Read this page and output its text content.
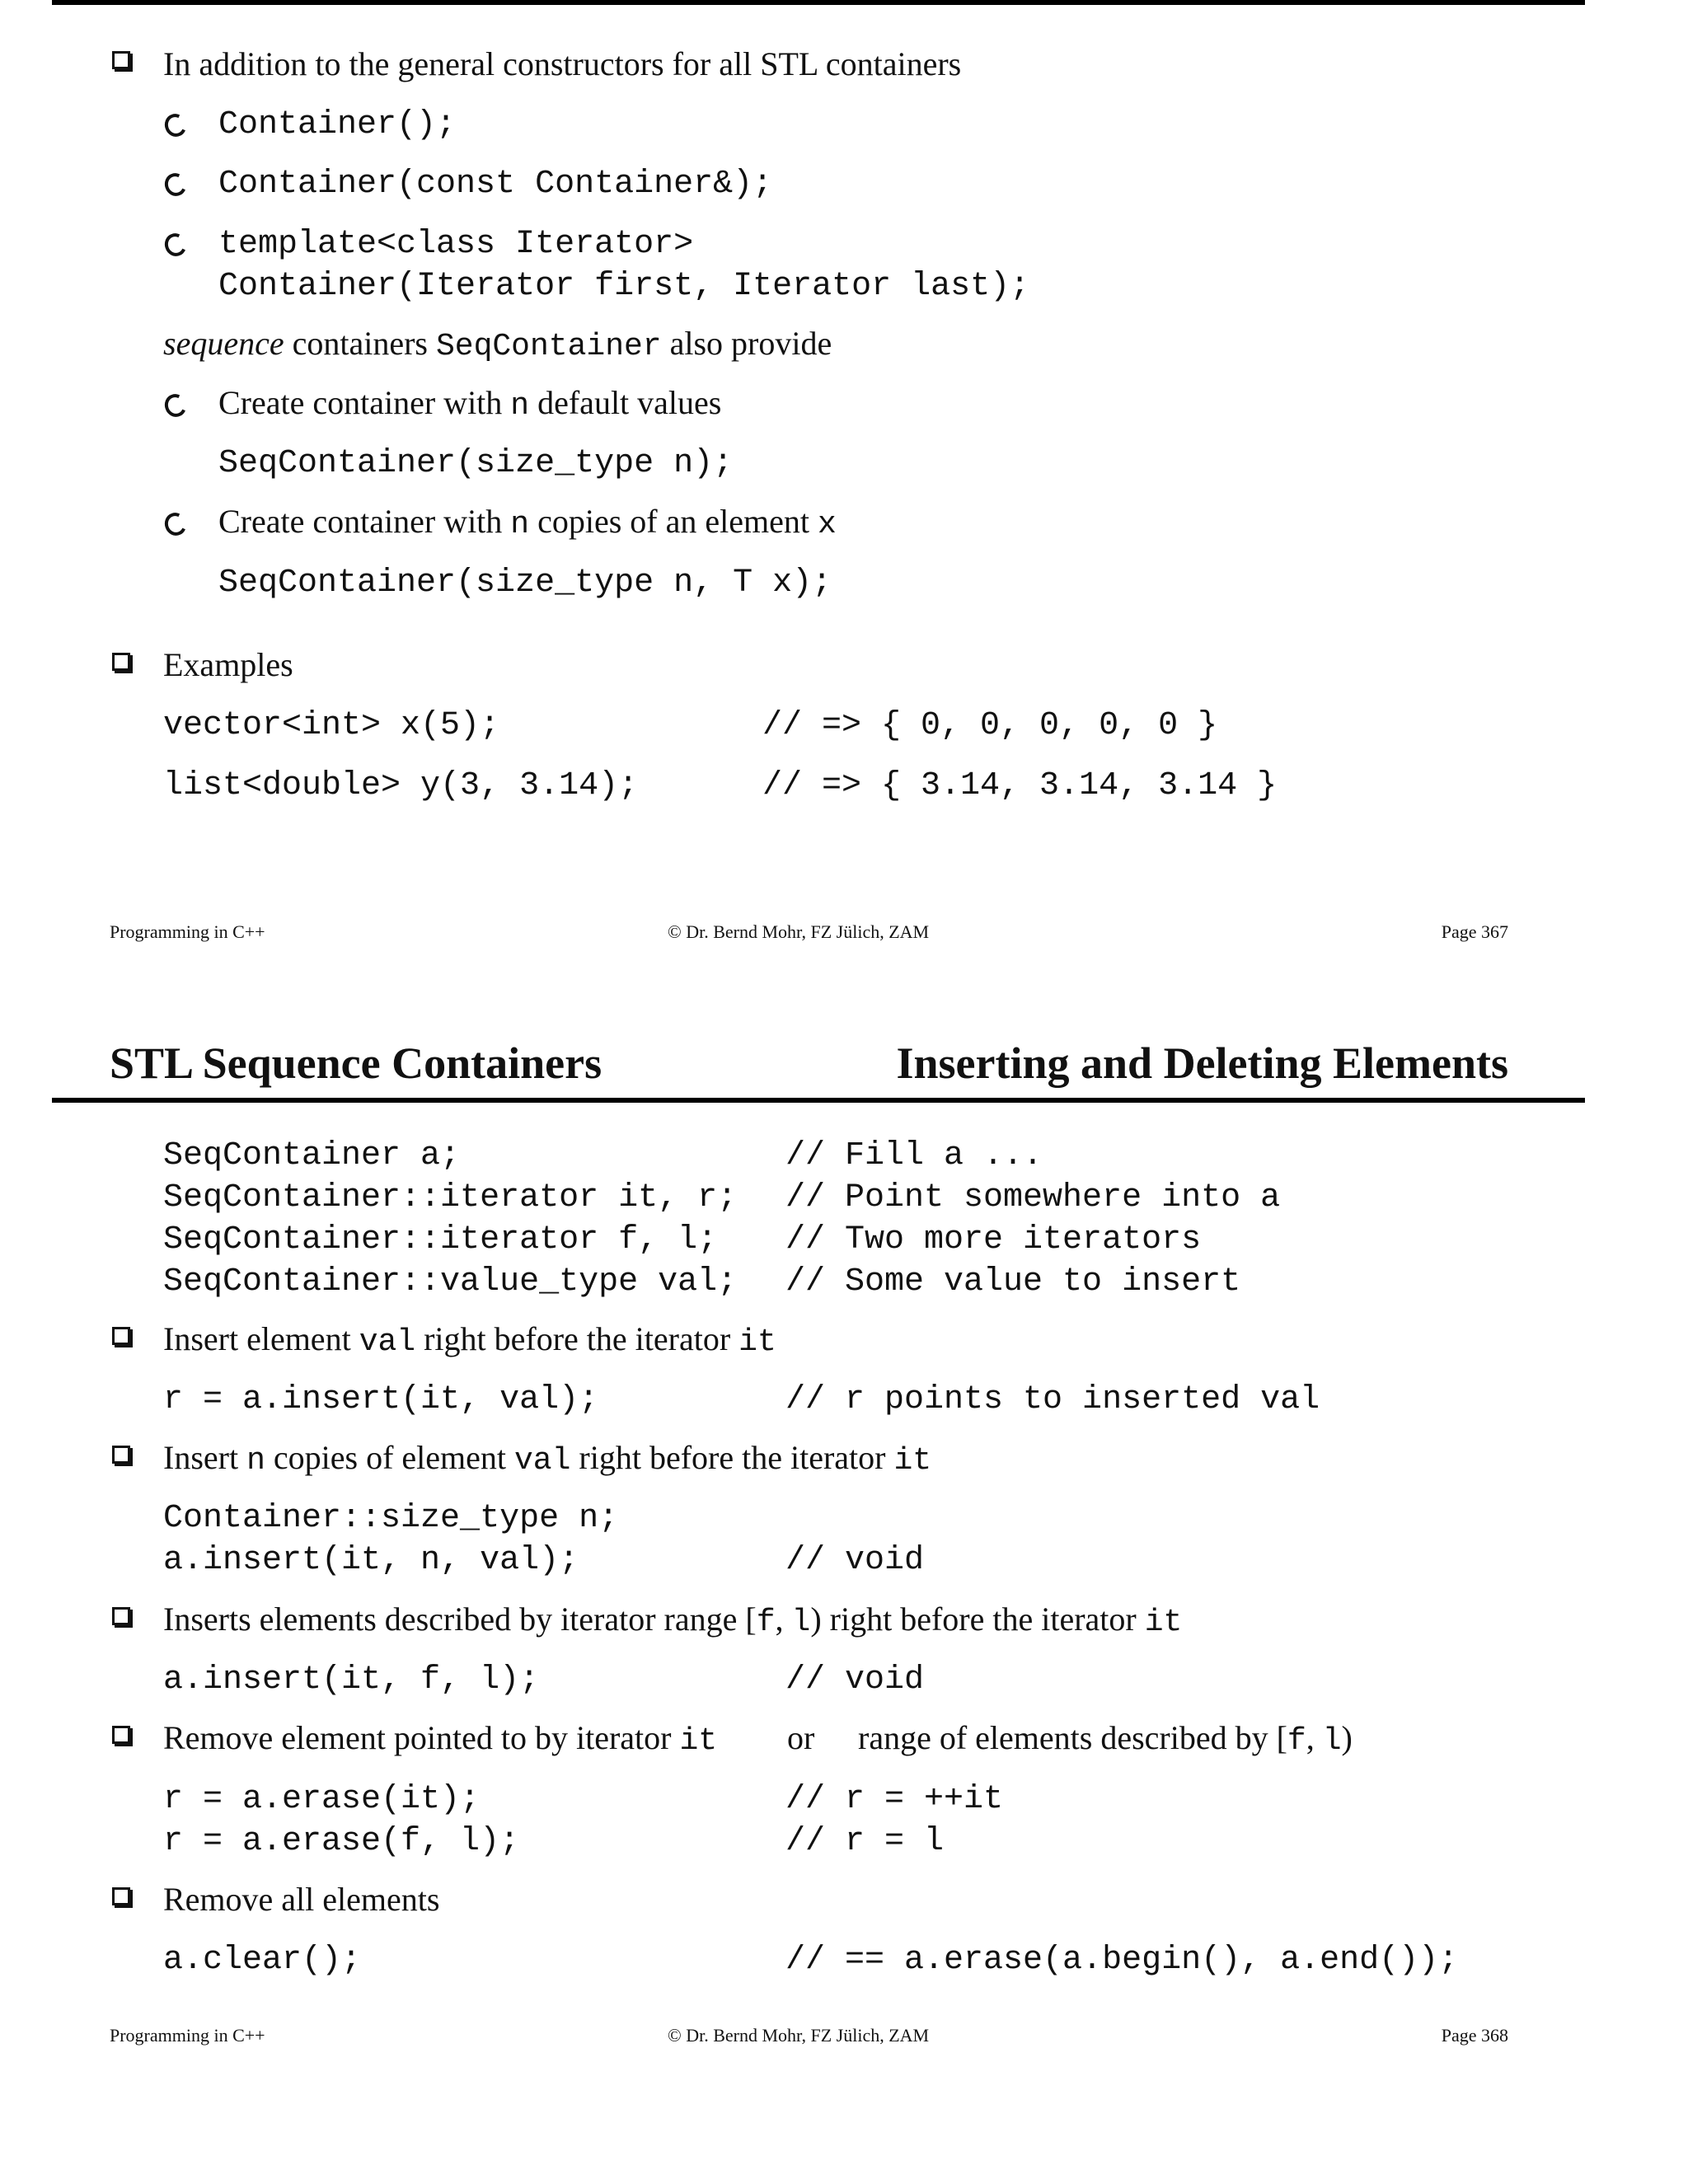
In addition to the general constructors for all STL containers
Container();
Container(const Container&);
template<class Iterator>
Container(Iterator first, Iterator last);
sequence containers SeqContainer also provide
Create container with n default values
SeqContainer(size_type n);
Create container with n copies of an element x
SeqContainer(size_type n, T x);
Examples
vector<int> x(5);	// => { 0, 0, 0, 0, 0 }
list<double> y(3, 3.14);	// => { 3.14, 3.14, 3.14 }
Programming in C++	© Dr. Bernd Mohr, FZ Jülich, ZAM	Page 367
STL Sequence Containers	Inserting and Deleting Elements
SeqContainer a;	// Fill a ...
SeqContainer::iterator it, r; // Point somewhere into a
SeqContainer::iterator f, l; // Two more iterators
SeqContainer::value_type val; // Some value to insert
Insert element val right before the iterator it
r = a.insert(it, val);	// r points to inserted val
Insert n copies of element val right before the iterator it
Container::size_type n;
a.insert(it, n, val);	// void
Inserts elements described by iterator range [f, l) right before the iterator it
a.insert(it, f, l);	// void
Remove element pointed to by iterator it or range of elements described by [f, l)
r = a.erase(it);	// r = ++it
r = a.erase(f, l);	// r = l
Remove all elements
a.clear();	// == a.erase(a.begin(), a.end());
Programming in C++	© Dr. Bernd Mohr, FZ Jülich, ZAM	Page 368
